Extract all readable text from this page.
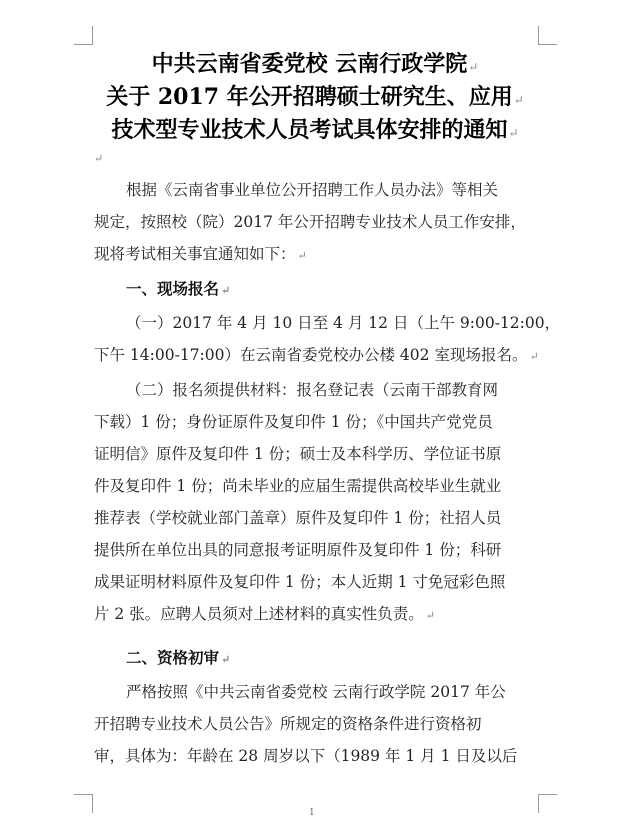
中共云南省委党校 云南行政学院↵
关于 2017 年公开招聘硕士研究生、应用↵
技术型专业技术人员考试具体安排的通知↵
↵
根据《云南省事业单位公开招聘工作人员办法》等相关
规定，按照校（院）2017 年公开招聘专业技术人员工作安排，
现将考试相关事宜通知如下： ↵
一、现场报名 ↵
（一）2017 年 4 月 10 日至 4 月 12 日（上午 9:00-12:00，
下午 14:00-17:00）在云南省委党校办公楼 402 室现场报名。 ↵
（二）报名须提供材料：报名登记表（云南干部教育网
下载）1 份；身份证原件及复印件 1 份；《中国共产党党员
证明信》原件及复印件 1 份；硕士及本科学历、学位证书原
件及复印件 1 份；尚未毕业的应届生需提供高校毕业生就业
推荐表（学校就业部门盖章）原件及复印件 1 份；社招人员
提供所在单位出具的同意报考证明原件及复印件 1 份；科研
成果证明材料原件及复印件 1 份；本人近期 1 寸免冠彩色照
片 2 张。应聘人员须对上述材料的真实性负责。 ↵
二、资格初审 ↵
严格按照《中共云南省委党校 云南行政学院 2017 年公
开招聘专业技术人员公告》所规定的资格条件进行资格初
审，具体为：年龄在 28 周岁以下（1989 年 1 月 1 日及以后
1
